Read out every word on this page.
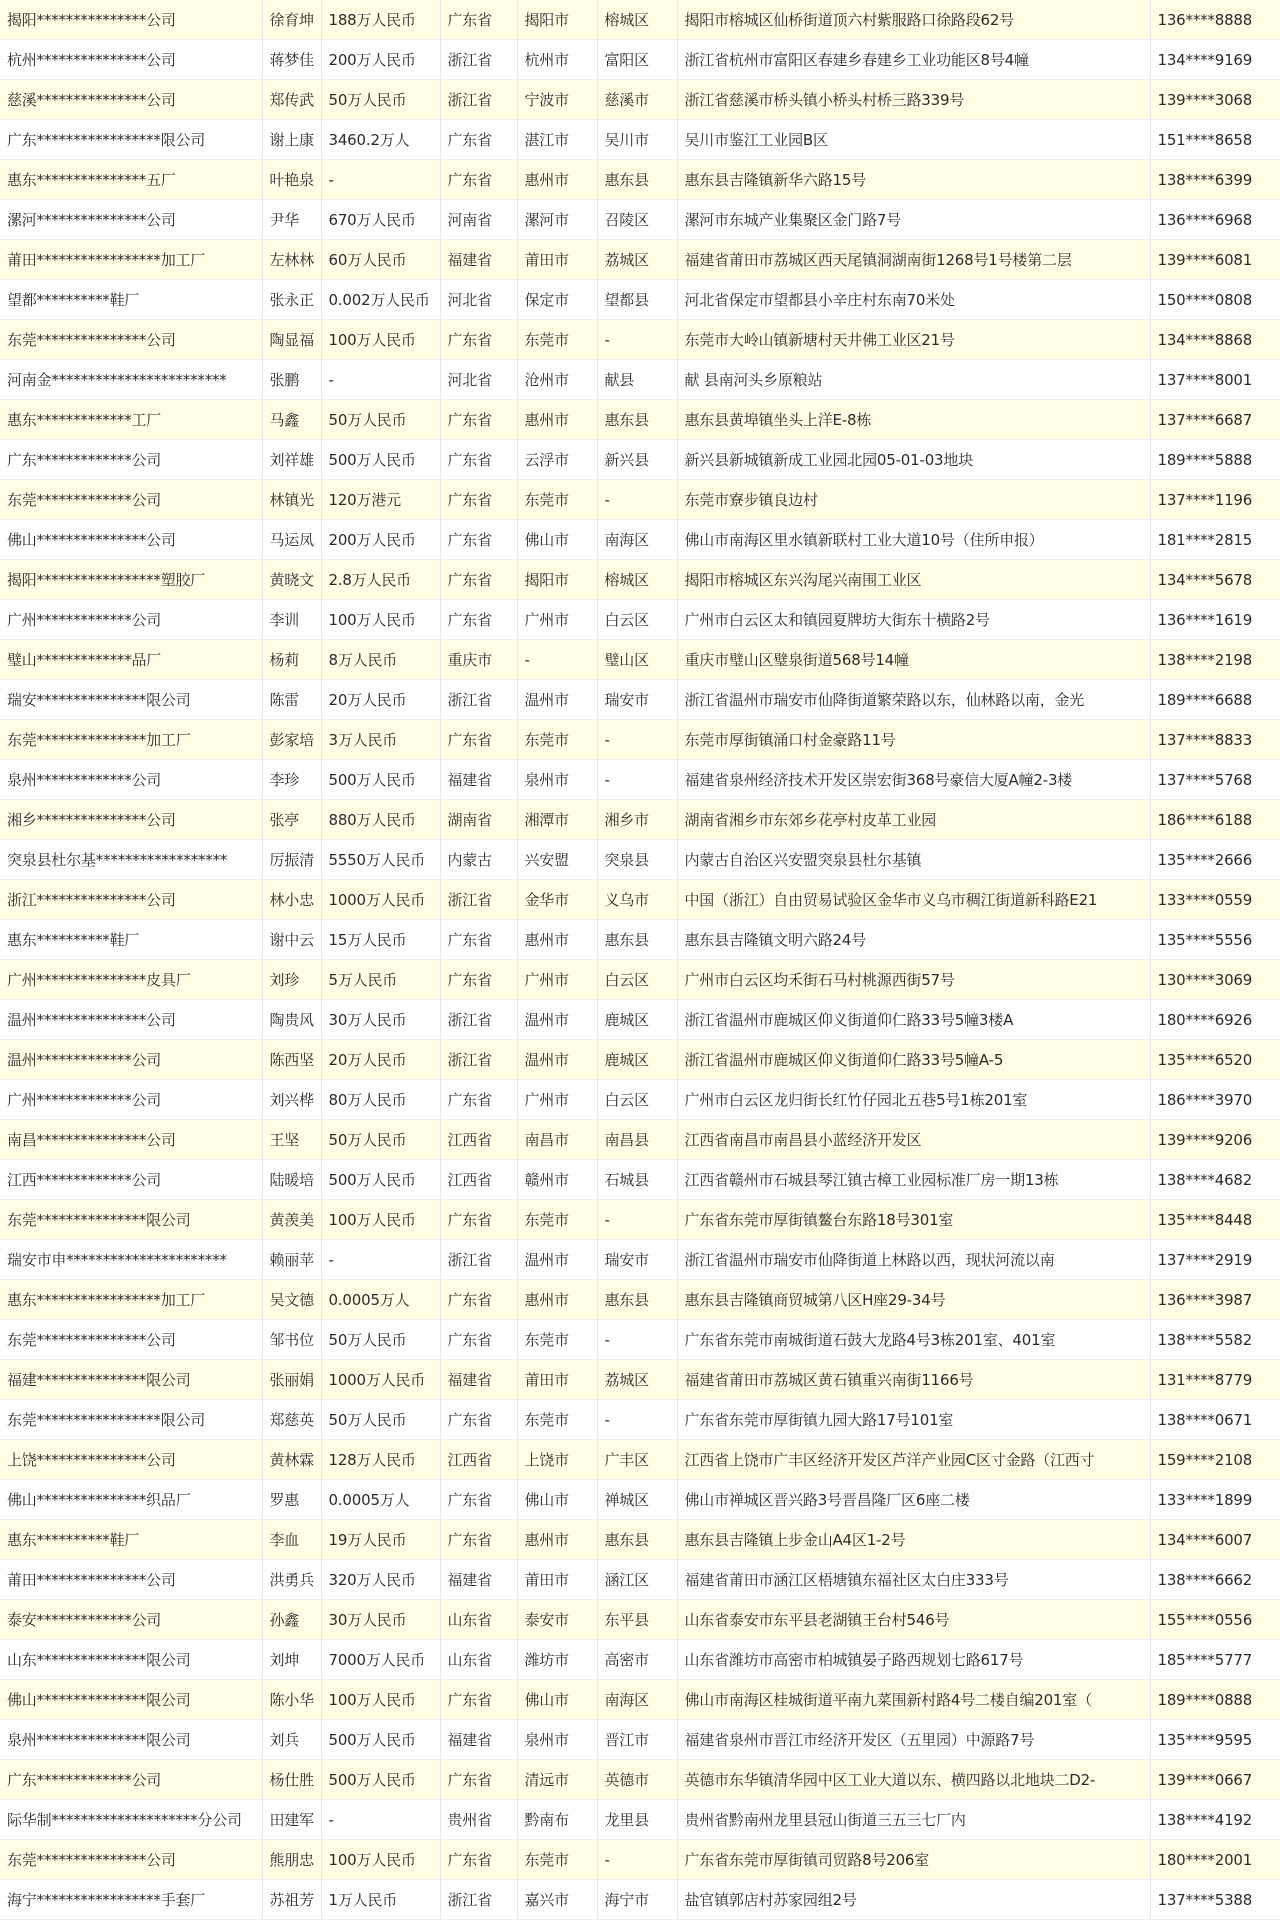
揭阳***************公司	徐育坤	188万人民币	广东省	揭阳市	榕城区	揭阳市榕城区仙桥街道顶六村紫服路口徐路段62号	136****8888
杭州***************公司	蒋梦佳	200万人民币	浙江省	杭州市	富阳区	浙江省杭州市富阳区春建乡春建乡工业功能区8号4幢	134****9169
慈溪***************公司	郑传武	50万人民币	浙江省	宁波市	慈溪市	浙江省慈溪市桥头镇小桥头村桥三路339号	139****3068
广东*****************限公司	谢上康	3460.2万人	广东省	湛江市	吴川市	吴川市鉴江工业园B区	151****8658
惠东***************五厂	叶艳泉	-	广东省	惠州市	惠东县	惠东县吉隆镇新华六路15号	138****6399
漯河***************公司	尹华	670万人民币	河南省	漯河市	召陵区	漯河市东城产业集聚区金门路7号	136****6968
莆田*****************加工厂	左林林	60万人民币	福建省	莆田市	荔城区	福建省莆田市荔城区西天尾镇洞湖南街1268号1号楼第二层	139****6081
望都**********鞋厂	张永正	0.002万人民币	河北省	保定市	望都县	河北省保定市望都县小辛庄村东南70米处	150****0808
东莞***************公司	陶显福	100万人民币	广东省	东莞市	-	东莞市大岭山镇新塘村天井佛工业区21号	134****8868
河南金************************	张鹏	-	河北省	沧州市	献县	献 县南河头乡原粮站	137****8001
惠东*************工厂	马鑫	50万人民币	广东省	惠州市	惠东县	惠东县黄埠镇坐头上洋E-8栋	137****6687
广东*************公司	刘祥雄	500万人民币	广东省	云浮市	新兴县	新兴县新城镇新成工业园北园05-01-03地块	189****5888
东莞*************公司	林镇光	120万港元	广东省	东莞市	-	东莞市寮步镇良边村	137****1196
佛山***************公司	马运凤	200万人民币	广东省	佛山市	南海区	佛山市南海区里水镇新联村工业大道10号（住所申报）	181****2815
揭阳*****************塑胶厂	黄晓文	2.8万人民币	广东省	揭阳市	榕城区	揭阳市榕城区东兴沟尾兴南围工业区	134****5678
广州*************公司	李训	100万人民币	广东省	广州市	白云区	广州市白云区太和镇园夏牌坊大街东十横路2号	136****1619
璧山*************品厂	杨莉	8万人民币	重庆市	-	璧山区	重庆市璧山区璧泉街道568号14幢	138****2198
瑞安***************限公司	陈雷	20万人民币	浙江省	温州市	瑞安市	浙江省温州市瑞安市仙降街道繁荣路以东，仙林路以南，金光	189****6688
东莞***************加工厂	彭家培	3万人民币	广东省	东莞市	-	东莞市厚街镇涌口村金豪路11号	137****8833
泉州*************公司	李珍	500万人民币	福建省	泉州市	-	福建省泉州经济技术开发区崇宏街368号豪信大厦A幢2-3楼	137****5768
湘乡***************公司	张亭	880万人民币	湖南省	湘潭市	湘乡市	湖南省湘乡市东郊乡花亭村皮革工业园	186****6188
突泉县杜尔基******************	厉振清	5550万人民币	内蒙古	兴安盟	突泉县	内蒙古自治区兴安盟突泉县杜尔基镇	135****2666
浙江***************公司	林小忠	1000万人民币	浙江省	金华市	义乌市	中国（浙江）自由贸易试验区金华市义乌市稠江街道新科路E21	133****0559
惠东**********鞋厂	谢中云	15万人民币	广东省	惠州市	惠东县	惠东县吉隆镇文明六路24号	135****5556
广州***************皮具厂	刘珍	5万人民币	广东省	广州市	白云区	广州市白云区均禾街石马村桃源西街57号	130****3069
温州***************公司	陶贵风	30万人民币	浙江省	温州市	鹿城区	浙江省温州市鹿城区仰义街道仰仁路33号5幢3楼A	180****6926
温州*************公司	陈西坚	20万人民币	浙江省	温州市	鹿城区	浙江省温州市鹿城区仰义街道仰仁路33号5幢A-5	135****6520
广州*************公司	刘兴桦	80万人民币	广东省	广州市	白云区	广州市白云区龙归街长红竹仔园北五巷5号1栋201室	186****3970
南昌***************公司	王坚	50万人民币	江西省	南昌市	南昌县	江西省南昌市南昌县小蓝经济开发区	139****9206
江西*************公司	陆暖培	500万人民币	江西省	赣州市	石城县	江西省赣州市石城县琴江镇古樟工业园标准厂房一期13栋	138****4682
东莞***************限公司	黄羡美	100万人民币	广东省	东莞市	-	广东省东莞市厚街镇鳌台东路18号301室	135****8448
瑞安市申**********************	赖丽苹	-	浙江省	温州市	瑞安市	浙江省温州市瑞安市仙降街道上林路以西，现状河流以南	137****2919
惠东*****************加工厂	吴文德	0.0005万人	广东省	惠州市	惠东县	惠东县吉隆镇商贸城第八区H座29-34号	136****3987
东莞***************公司	邹书位	50万人民币	广东省	东莞市	-	广东省东莞市南城街道石鼓大龙路4号3栋201室、401室	138****5582
福建***************限公司	张丽娟	1000万人民币	福建省	莆田市	荔城区	福建省莆田市荔城区黄石镇重兴南街1166号	131****8779
东莞*****************限公司	郑慈英	50万人民币	广东省	东莞市	-	广东省东莞市厚街镇九园大路17号101室	138****0671
上饶***************公司	黄林霖	128万人民币	江西省	上饶市	广丰区	江西省上饶市广丰区经济开发区芦洋产业园C区寸金路（江西寸	159****2108
佛山***************织品厂	罗惠	0.0005万人	广东省	佛山市	禅城区	佛山市禅城区晋兴路3号晋昌隆厂区6座二楼	133****1899
惠东**********鞋厂	李血	19万人民币	广东省	惠州市	惠东县	惠东县吉隆镇上步金山A4区1-2号	134****6007
莆田***************公司	洪勇兵	320万人民币	福建省	莆田市	涵江区	福建省莆田市涵江区梧塘镇东福社区太白庄333号	138****6662
泰安*************公司	孙鑫	30万人民币	山东省	泰安市	东平县	山东省泰安市东平县老湖镇王台村546号	155****0556
山东***************限公司	刘坤	7000万人民币	山东省	潍坊市	高密市	山东省潍坊市高密市柏城镇晏子路西规划七路617号	185****5777
佛山***************限公司	陈小华	100万人民币	广东省	佛山市	南海区	佛山市南海区桂城街道平南九菜围新村路4号二楼自编201室（	189****0888
泉州***************限公司	刘兵	500万人民币	福建省	泉州市	晋江市	福建省泉州市晋江市经济开发区（五里园）中源路7号	135****9595
广东*************公司	杨仕胜	500万人民币	广东省	清远市	英德市	英德市东华镇清华园中区工业大道以东、横四路以北地块二D2-	139****0667
际华制********************分公司	田建军	-	贵州省	黔南布	龙里县	贵州省黔南州龙里县冠山街道三五三七厂内	138****4192
东莞***************公司	熊朋忠	100万人民币	广东省	东莞市	-	广东省东莞市厚街镇司贸路8号206室	180****2001
海宁*****************手套厂	苏祖芳	1万人民币	浙江省	嘉兴市	海宁市	盐官镇郭店村苏家园组2号	137****5388
